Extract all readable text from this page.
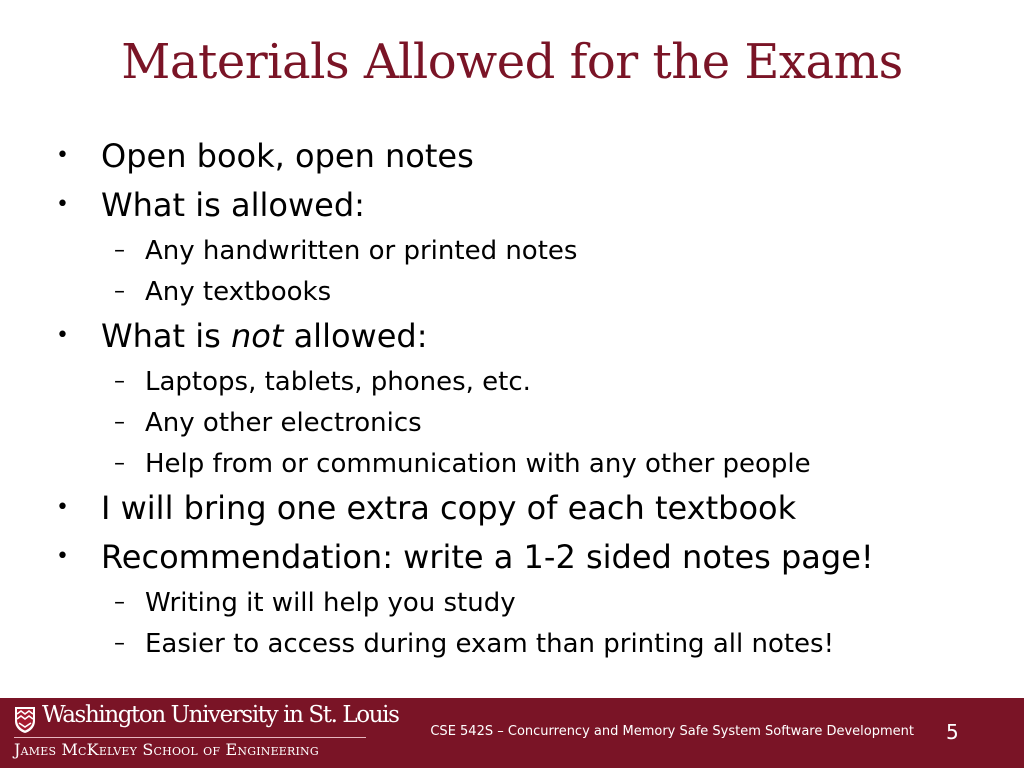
Materials Allowed for the Exams
• Open book, open notes
• What is allowed:
– Any handwritten or printed notes
– Any textbooks
• What is not allowed:
– Laptops, tablets, phones, etc.
– Any other electronics
– Help from or communication with any other people
• I will bring one extra copy of each textbook
• Recommendation: write a 1-2 sided notes page!
– Writing it will help you study
– Easier to access during exam than printing all notes!
Washington University in St. Louis
James McKelvey School of Engineering
CSE 542S – Concurrency and Memory Safe System Software Development 5
